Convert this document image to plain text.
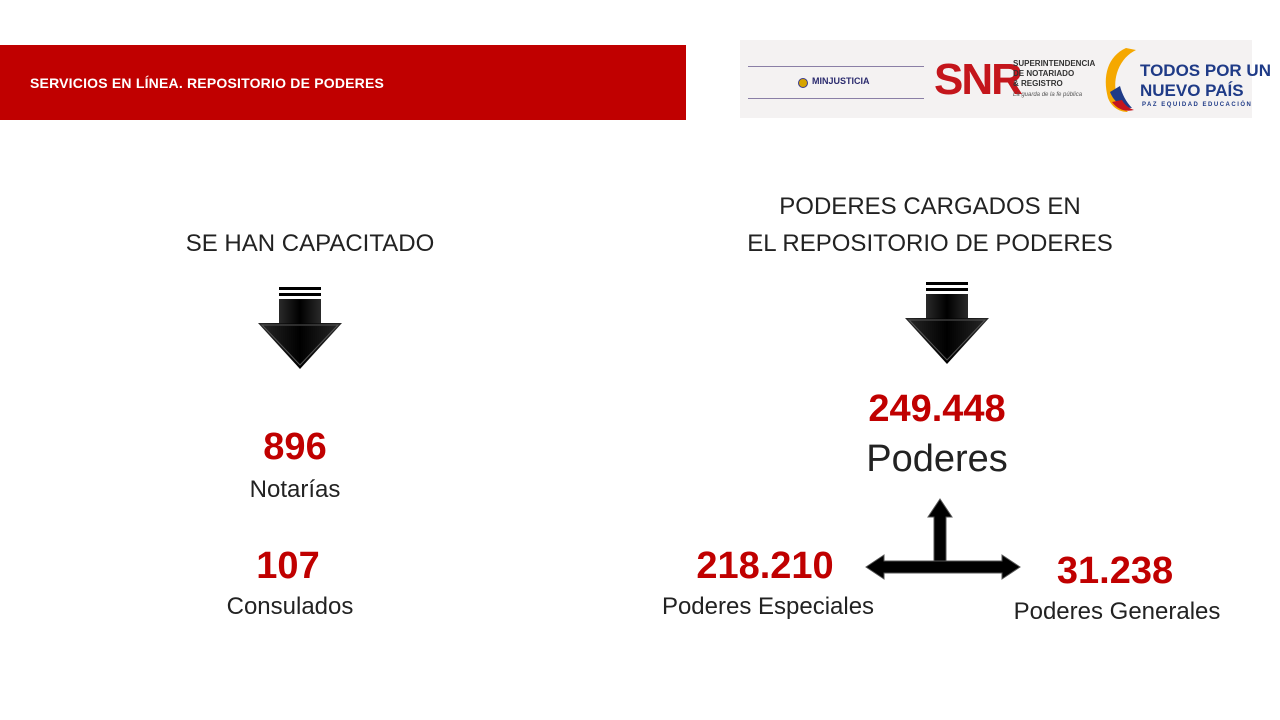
SERVICIOS EN LÍNEA. REPOSITORIO DE PODERES	MINJUSTICIA SNR
SUPERINTENDENCIA
DE NOTARIADO
& REGISTRO
La guarda de la fe pública
TODOS POR UN
NUEVO PAÍS
PAZ EQUIDAD EDUCACIÓN
SE HAN CAPACITADO
896
Notarías
107
Consulados
PODERES CARGADOS EN
EL REPOSITORIO DE PODERES
249.448
Poderes
218.210
Poderes Especiales
31.238
Poderes Generales
